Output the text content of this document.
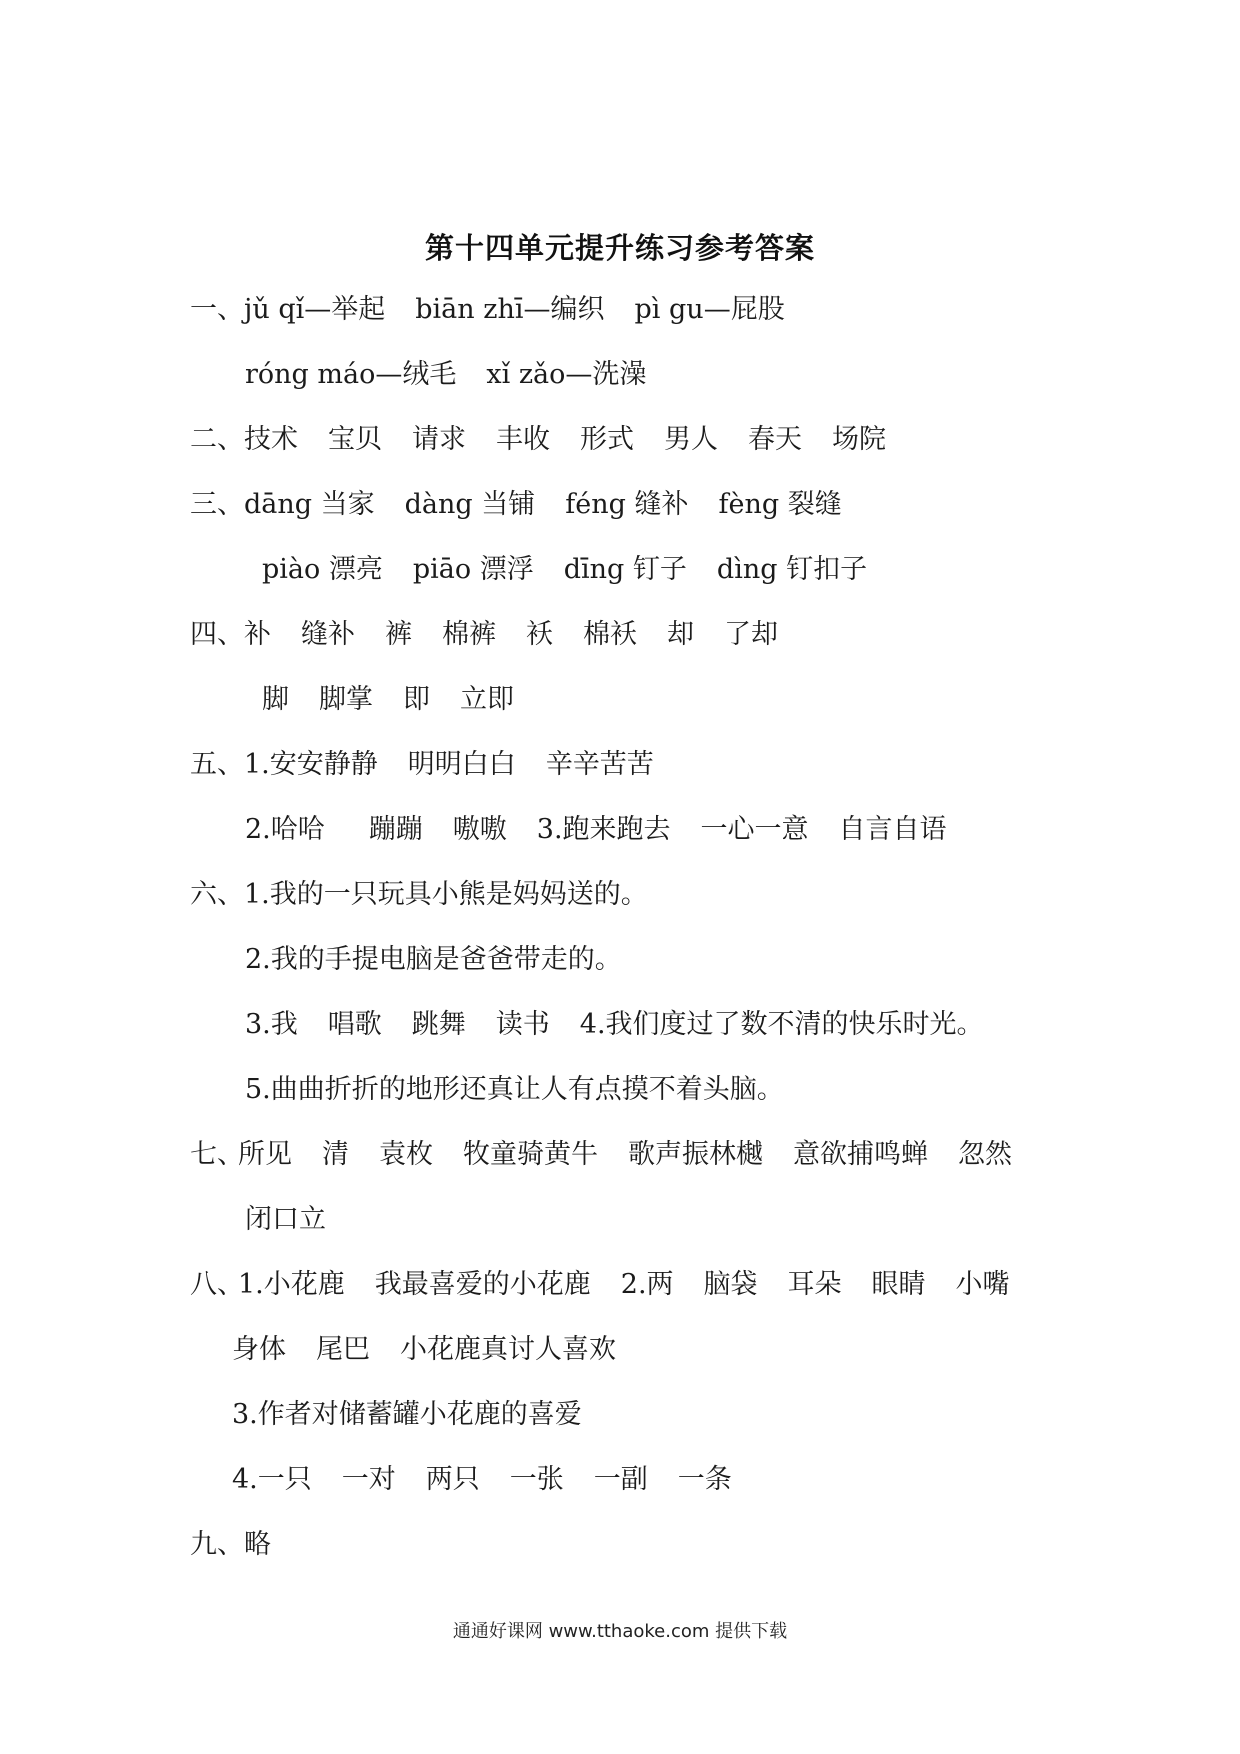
第十四单元提升练习参考答案
一、jǔ qǐ—举起 biān zhī—编织 pì gu—屁股
róng máo—绒毛 xǐ zǎo—洗澡
二、技术 宝贝 请求 丰收 形式 男人 春天 场院
三、dāng 当家 dàng 当铺 féng 缝补 fèng 裂缝
piào 漂亮 piāo 漂浮 dīng 钉子 dìng 钉扣子
四、补 缝补 裤 棉裤 袄 棉袄 却 了却
脚 脚掌 即 立即
五、1.安安静静 明明白白 辛辛苦苦
2.哈哈 蹦蹦 嗷嗷 3.跑来跑去 一心一意 自言自语
六、1.我的一只玩具小熊是妈妈送的。
2.我的手提电脑是爸爸带走的。
3.我 唱歌 跳舞 读书 4.我们度过了数不清的快乐时光。
5.曲曲折折的地形还真让人有点摸不着头脑。
七、所见 清 袁枚 牧童骑黄牛 歌声振林樾 意欲捕鸣蝉 忽然
闭口立
八、1.小花鹿 我最喜爱的小花鹿 2.两 脑袋 耳朵 眼睛 小嘴
身体 尾巴 小花鹿真讨人喜欢
3.作者对储蓄罐小花鹿的喜爱
4.一只 一对 两只 一张 一副 一条
九、略
通通好课网 www.tthaoke.com 提供下载
